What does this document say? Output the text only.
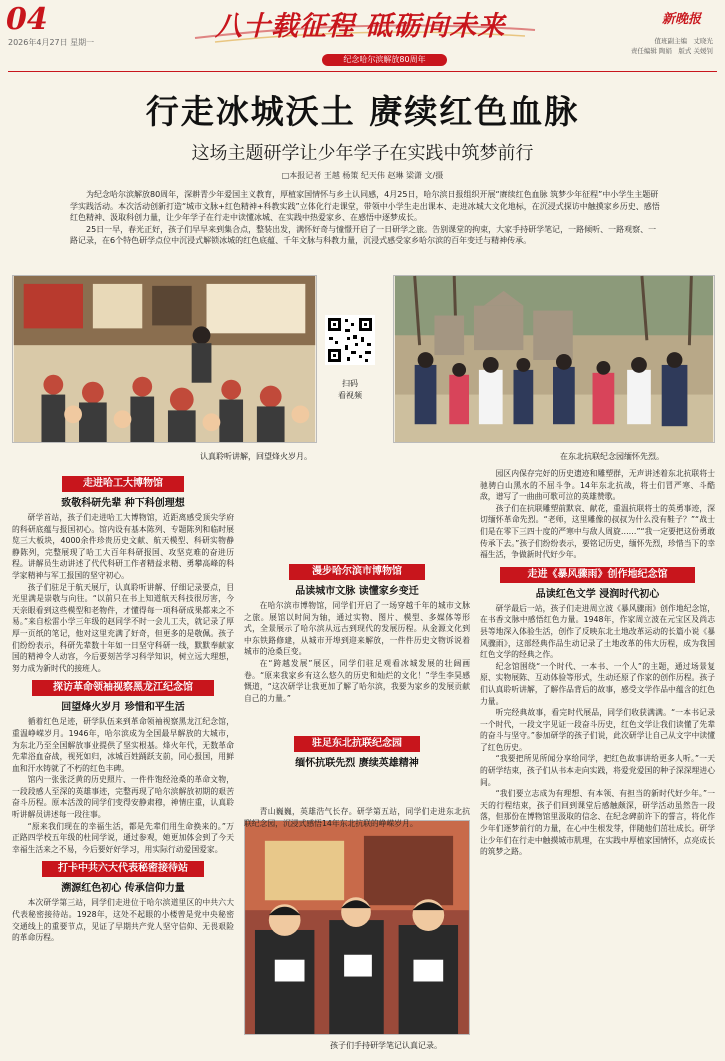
04
2026年4月27日 星期一
八十载征程 砥砺向未来
纪念哈尔滨解放80周年
新晚报
值班副主编　丈晓光
责任编辑 陶娟　版式 关媛钊
行走冰城沃土 赓续红色血脉
这场主题研学让少年学子在实践中筑梦前行
□本报记者 王越 杨策 纪天伟 赵琳 梁潇 文/摄

为纪念哈尔滨解放80周年，深耕青少年爱国主义教育，厚植家国情怀与乡土认同感，4月25日，哈尔滨日报组织开展“赓续红色血脉 筑梦少年征程”中小学生主题研学实践活动。本次活动创新打造“城市文脉+红色精神+科教实践”立体化行走课堂，带领中小学生走出课本、走进冰城大文化地标，在沉浸式探访中触摸家乡历史、感悟红色精神、汲取科创力量，让少年学子在行走中读懂冰城、在实践中热爱家乡、在感悟中逐梦成长。

25日一早，春光正好，孩子们早早来到集合点，整装出发，满怀好奇与憧憬开启了一日研学之旅。告别课堂的拘束，大家手持研学笔记，一路倾听、一路观察、一路记录，在6个特色研学点位中沉浸式解锁冰城的红色底蕴、千年文脉与科教力量，沉浸式感受家乡哈尔滨的百年变迁与精神传承。

扫码
看视频
认真聆听讲解，回望烽火岁月。	在东北抗联纪念园缅怀先烈。
走进哈工大博物馆
致敬科研先辈 种下科创理想

研学首站，孩子们走进哈工大博物馆，近距离感受顶尖学府的科研底蕴与报国初心。馆内设有基本陈列、专题陈列和临时展览三大板块，4000余件珍贵历史文献、航天模型、科研实物静静陈列，完整展现了哈工大百年科研报国、攻坚克难的奋进历程。讲解员生动讲述了代代科研工作者精益求精、勇攀高峰的科学家精神与军工报国的坚守初心。

孩子们驻足于航天展厅，认真聆听讲解、仔细记录要点，目光里满是崇敬与向往。“以前只在书上知道航天科技很厉害，今天亲眼看到这些模型和老物件，才懂得每一项科研成果都来之不易。”来自松雷小学三年级的赵同学不时一会儿工夫，就记录了厚厚一页纸的笔记，他对这里充满了好奇，但更多的是敬佩。孩子们纷纷表示，科研先辈数十年如一日坚守科研一线，默默奉献家国的精神令人动容，今后要刻苦学习科学知识，树立远大理想，努力成为新时代的接班人。

探访革命领袖视察黑龙江纪念馆
回望烽火岁月 珍惜和平生活

循着红色足迹，研学队伍来到革命领袖视察黑龙江纪念馆，重温峥嵘岁月。1946年，哈尔滨成为全国最早解放的大城市，为东北乃至全国解放事业提供了坚实根基。烽火年代，无数革命先辈浴血奋战，视死如归，冰城百姓踊跃支前，同心报国，用鲜血和汗水铸就了不朽的红色丰碑。

馆内一张张泛黄的历史照片、一件件饱经沧桑的革命文物，一段段感人至深的英雄事迹，完整再现了哈尔滨解放初期的艰苦奋斗历程。原本活泼的同学们变得安静肃穆，神情庄重，认真聆听讲解员讲述每一段往事。

“原来我们现在的幸福生活，都是先辈们用生命换来的。”万正路四学校五年级的杜同学说，通过参观，她更加体会到了今天幸福生活来之不易，今后要好好学习，用实际行动爱国爱家。

打卡中共六大代表秘密接待站
溯源红色初心 传承信仰力量

本次研学第三站，同学们走进位于哈尔滨道里区的中共六大代表秘密接待站。1928年，这处不起眼的小楼曾是党中央秘密交通线上的重要节点，见证了早期共产党人坚守信仰、无畏艰险的革命历程。

漫步哈尔滨市博物馆
品读城市文脉 读懂家乡变迁

在哈尔滨市博物馆，同学们开启了一场穿越千年的城市文脉之旅。展馆以时间为轴，通过实物、图片、模型、多媒体等形式，全景展示了哈尔滨从远古到现代的发展历程。从金源文化到中东铁路修建，从城市开埠到迎来解放，一件件历史文物诉说着城市的沧桑巨变。

在“跨越发展”展区，同学们驻足观看冰城发展的壮阔画卷。“原来我家乡有这么悠久的历史和灿烂的文化！”学生李昊感慨道，“这次研学让我更加了解了哈尔滨，我要为家乡的发展贡献自己的力量。”

驻足东北抗联纪念园
缅怀抗联先烈 赓续英雄精神
孩子们手持研学笔记认真记录。

青山巍巍，英雄浩气长存。研学第五站，同学们走进东北抗联纪念园，沉浸式感悟14年东北抗联的峥嵘岁月。

园区内保存完好的历史遗迹和雕塑群，无声讲述着东北抗联将士驰骋白山黑水的不屈斗争。14年东北抗战，将士们冒严寒、斗酷敌，谱写了一曲曲可歌可泣的英雄赞歌。

孩子们在抗联雕塑前默哀、献花，重温抗联将士的英勇事迹，深切缅怀革命先烈。“老师，这里雕像的叔叔为什么没有鞋子？”“战士们是在零下三四十度的严寒中与敌人周旋……”“我一定要把这份勇敢传承下去。”孩子们纷纷表示，要铭记历史，缅怀先烈，珍惜当下的幸福生活，争做新时代好少年。

走进《暴风骤雨》创作地纪念馆
品读红色文学 浸润时代初心

研学最后一站，孩子们走进周立波《暴风骤雨》创作地纪念馆，在书香文脉中感悟红色力量。1948年，作家周立波在元宝区及尚志县等地深入体验生活，创作了反映东北土地改革运动的长篇小说《暴风骤雨》，这部经典作品生动记录了土地改革的伟大历程，成为我国红色文学的经典之作。

纪念馆围绕“一个时代、一本书、一个人”的主题，通过场景复原、实物展陈、互动体验等形式，生动还原了作家的创作历程。孩子们认真聆听讲解，了解作品背后的故事，感受文学作品中蕴含的红色力量。

听完经典故事，看完时代展品，同学们收获满满。“一本书记录一个时代，一段文字见证一段奋斗历史，红色文学让我们读懂了先辈的奋斗与坚守。”参加研学的孩子们说，此次研学让自己从文字中读懂了红色历史。

“我要把所见所闻分享给同学，把红色故事讲给更多人听。”一天的研学结束，孩子们从书本走向实践，将爱党爱国的种子深深埋进心间。

“我们要立志成为有理想、有本领、有担当的新时代好少年。”一天的行程结束，孩子们回到课堂后感触颇深，研学活动虽然告一段落，但那份在博物馆里汲取的信念、在纪念碑前许下的誓言，将化作少年们逐梦前行的力量，在心中生根发芽，伴随他们茁壮成长。研学让少年们在行走中触摸城市肌理，在实践中厚植家国情怀，点亮成长的筑梦之路。
